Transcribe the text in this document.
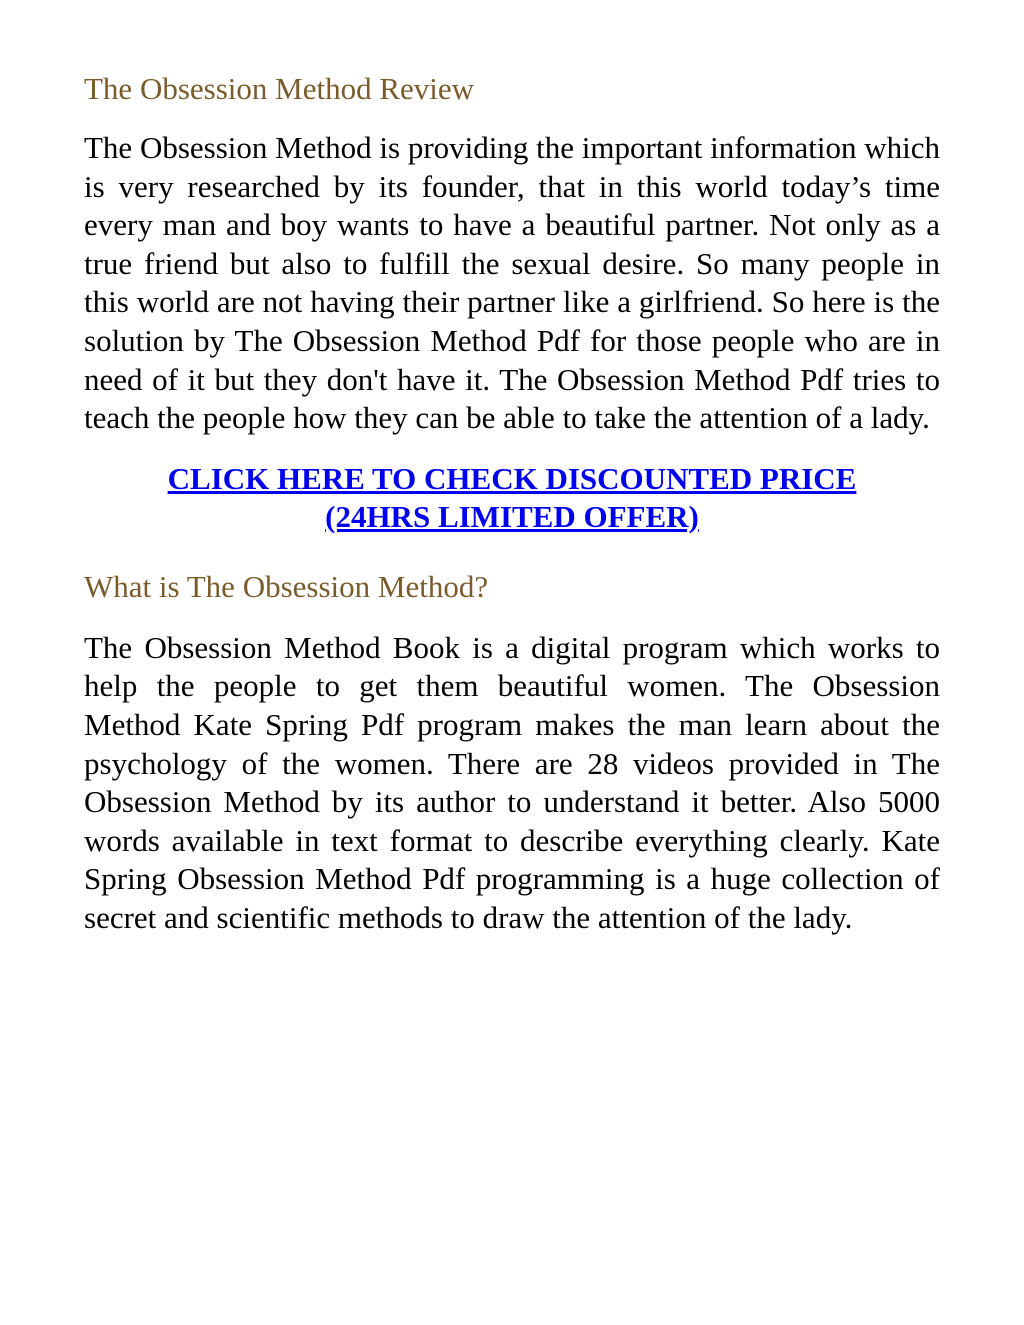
The Obsession Method Review

The Obsession Method is providing the important information which is very researched by its founder, that in this world today’s time every man and boy wants to have a beautiful partner. Not only as a true friend but also to fulfill the sexual desire. So many people in this world are not having their partner like a girlfriend. So here is the solution by The Obsession Method Pdf for those people who are in need of it but they don't have it. The Obsession Method Pdf tries to teach the people how they can be able to take the attention of a lady.

CLICK HERE TO CHECK DISCOUNTED PRICE
(24HRS LIMITED OFFER)
What is The Obsession Method?

The Obsession Method Book is a digital program which works to help the people to get them beautiful women. The Obsession Method Kate Spring Pdf program makes the man learn about the psychology of the women. There are 28 videos provided in The Obsession Method by its author to understand it better. Also 5000 words available in text format to describe everything clearly. Kate Spring Obsession Method Pdf programming is a huge collection of secret and scientific methods to draw the attention of the lady.
